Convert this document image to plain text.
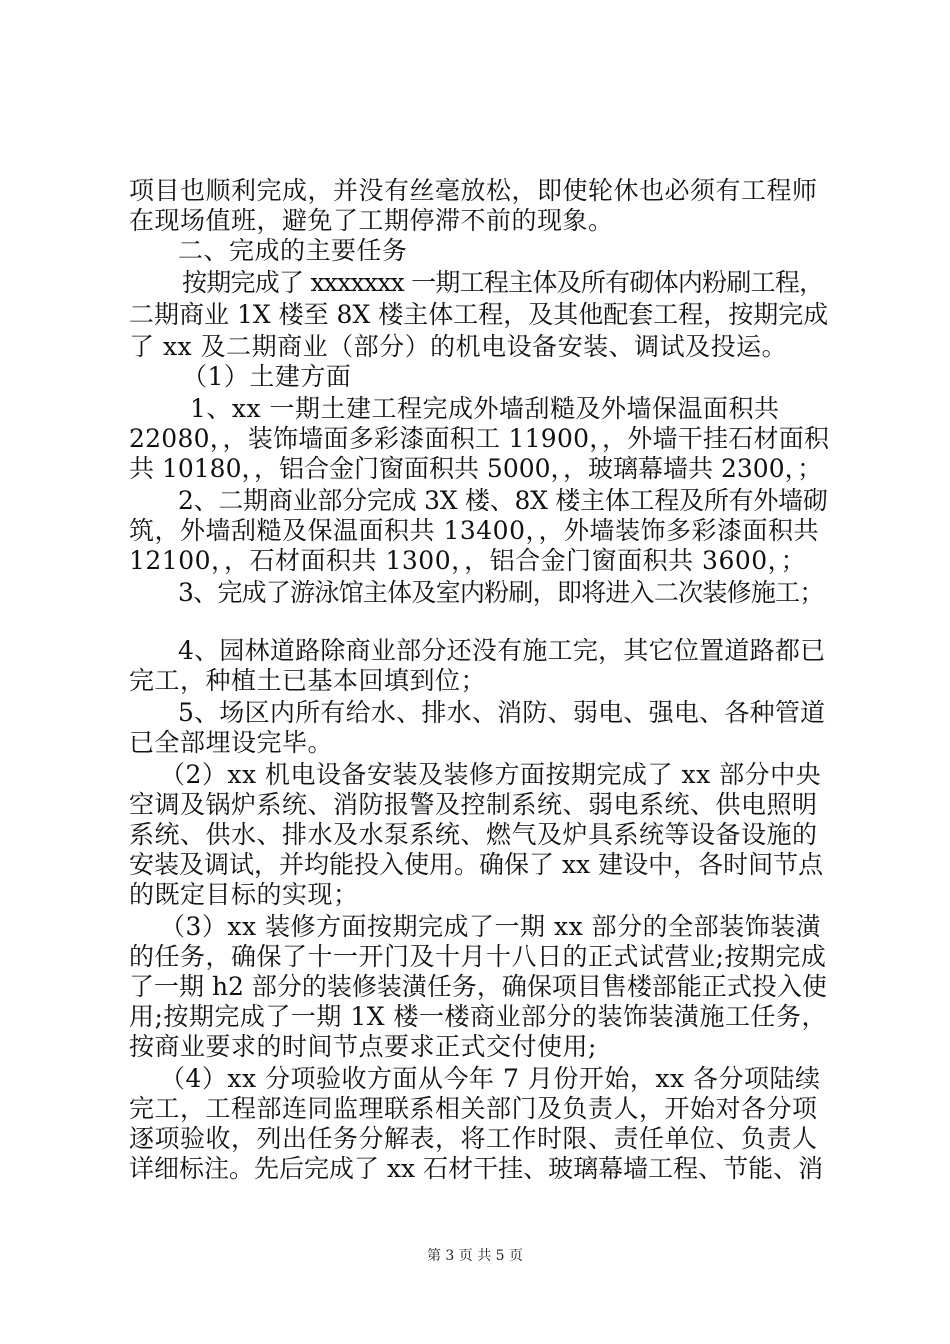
项目也顺利完成，并没有丝毫放松，即使轮休也必须有工程师
在现场值班，避免了工期停滞不前的现象。
二、完成的主要任务
按期完成了 xxxxxxx 一期工程主体及所有砌体内粉刷工程，
二期商业 1X 楼至 8X 楼主体工程，及其他配套工程，按期完成
了 xx 及二期商业（部分）的机电设备安装、调试及投运。
（1）土建方面
1、xx 一期土建工程完成外墙刮糙及外墙保温面积共
22080，，装饰墙面多彩漆面积工 11900，，外墙干挂石材面积
共 10180，，铝合金门窗面积共 5000，，玻璃幕墙共 2300，；
2、二期商业部分完成 3X 楼、8X 楼主体工程及所有外墙砌
筑，外墙刮糙及保温面积共 13400，，外墙装饰多彩漆面积共
12100，，石材面积共 1300，，铝合金门窗面积共 3600，；
3、完成了游泳馆主体及室内粉刷，即将进入二次装修施工；
4、园林道路除商业部分还没有施工完，其它位置道路都已
完工，种植土已基本回填到位；
5、场区内所有给水、排水、消防、弱电、强电、各种管道
已全部埋设完毕。
（2）xx 机电设备安装及装修方面按期完成了 xx 部分中央
空调及锅炉系统、消防报警及控制系统、弱电系统、供电照明
系统、供水、排水及水泵系统、燃气及炉具系统等设备设施的
安装及调试，并均能投入使用。确保了 xx 建设中，各时间节点
的既定目标的实现；
（3）xx 装修方面按期完成了一期 xx 部分的全部装饰装潢
的任务，确保了十一开门及十月十八日的正式试营业;按期完成
了一期 h2 部分的装修装潢任务，确保项目售楼部能正式投入使
用;按期完成了一期 1X 楼一楼商业部分的装饰装潢施工任务，
按商业要求的时间节点要求正式交付使用;
（4）xx 分项验收方面从今年 7 月份开始，xx 各分项陆续
完工，工程部连同监理联系相关部门及负责人，开始对各分项
逐项验收，列出任务分解表，将工作时限、责任单位、负责人
详细标注。先后完成了 xx 石材干挂、玻璃幕墙工程、节能、消
第 3 页 共 5 页
